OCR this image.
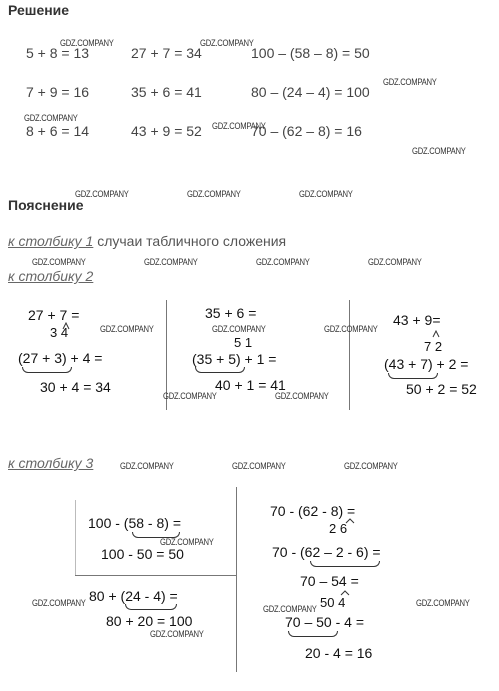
Решение
5 + 8 = 13	27 + 7 = 34	100 – (58 – 8) = 50
7 + 9 = 16	35 + 6 = 41	80 – (24 – 4) = 100
8 + 6 = 14	43 + 9 = 52	70 – (62 – 8) = 16
GDZ.COMPANY	GDZ.COMPANY
GDZ.COMPANY
GDZ.COMPANY
GDZ.COMPANY
GDZ.COMPANY
GDZ.COMPANY	GDZ.COMPANY	GDZ.COMPANY
Пояснение
к столбику 1 случаи табличного сложения
GDZ.COMPANY	GDZ.COMPANY	GDZ.COMPANY	GDZ.COMPANY
к столбику 2
27 + 7 =
3 4
(27 + 3) + 4 =
30 + 4 = 34
35 + 6 =
5 1
(35 + 5) + 1 =
40 + 1 = 41
43 + 9=
7 2
(43 + 7) + 2 =
50 + 2 = 52
GDZ.COMPANY	GDZ.COMPANY	GDZ.COMPANY
GDZ.COMPANY	GDZ.COMPANY
к столбику 3	GDZ.COMPANY	GDZ.COMPANY	GDZ.COMPANY
100 - (58 - 8) =
100 - 50 = 50
80 + (24 - 4) =
80 + 20 = 100
70 - (62 - 8) =
2 6
70 - (62 – 2 - 6) =
70 – 54 =
50 4
70 – 50 - 4 =
20 - 4 = 16
GDZ.COMPANY
GDZ.COMPANY
GDZ.COMPANY
GDZ.COMPANY
GDZ.COMPANY
